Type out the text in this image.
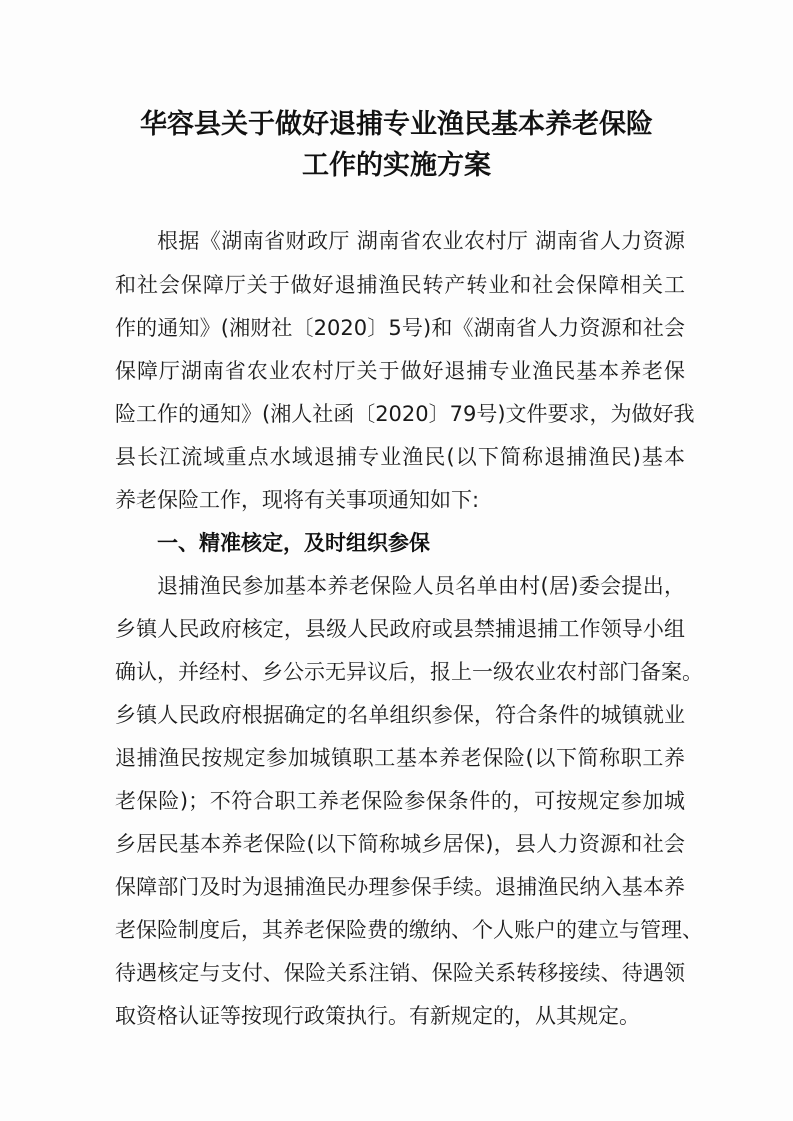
华容县关于做好退捕专业渔民基本养老保险
工作的实施方案
根据《湖南省财政厅 湖南省农业农村厅 湖南省人力资源
和社会保障厅关于做好退捕渔民转产转业和社会保障相关工
作的通知》(湘财社〔2020〕5号)和《湖南省人力资源和社会
保障厅湖南省农业农村厅关于做好退捕专业渔民基本养老保
险工作的通知》(湘人社函〔2020〕79号)文件要求，为做好我
县长江流域重点水域退捕专业渔民(以下简称退捕渔民)基本
养老保险工作，现将有关事项通知如下:
一、精准核定，及时组织参保
退捕渔民参加基本养老保险人员名单由村(居)委会提出，
乡镇人民政府核定，县级人民政府或县禁捕退捕工作领导小组
确认，并经村、乡公示无异议后，报上一级农业农村部门备案。
乡镇人民政府根据确定的名单组织参保，符合条件的城镇就业
退捕渔民按规定参加城镇职工基本养老保险(以下简称职工养
老保险)；不符合职工养老保险参保条件的，可按规定参加城
乡居民基本养老保险(以下简称城乡居保)，县人力资源和社会
保障部门及时为退捕渔民办理参保手续。退捕渔民纳入基本养
老保险制度后，其养老保险费的缴纳、个人账户的建立与管理、
待遇核定与支付、保险关系注销、保险关系转移接续、待遇领
取资格认证等按现行政策执行。有新规定的，从其规定。
